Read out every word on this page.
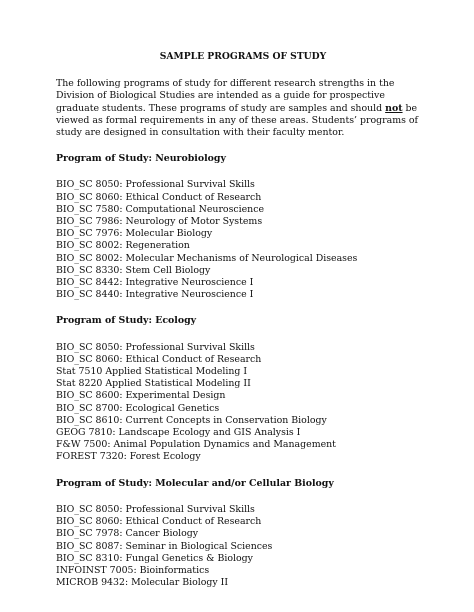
SAMPLE PROGRAMS OF STUDY

The following programs of study for different research strengths in the Division of Biological Studies are intended as a guide for prospective graduate students. These programs of study are samples and should not be viewed as formal requirements in any of these areas. Students’ programs of study are designed in consultation with their faculty mentor.

Program of Study: Neurobiology
BIO_SC 8050: Professional Survival Skills
BIO_SC 8060: Ethical Conduct of Research
BIO_SC 7580: Computational Neuroscience
BIO_SC 7986: Neurology of Motor Systems
BIO_SC 7976: Molecular Biology
BIO_SC 8002: Regeneration
BIO_SC 8002: Molecular Mechanisms of Neurological Diseases
BIO_SC 8330: Stem Cell Biology
BIO_SC 8442: Integrative Neuroscience I
BIO_SC 8440: Integrative Neuroscience I
Program of Study: Ecology
BIO_SC 8050: Professional Survival Skills
BIO_SC 8060: Ethical Conduct of Research
Stat 7510 Applied Statistical Modeling I
Stat 8220 Applied Statistical Modeling II
BIO_SC 8600: Experimental Design
BIO_SC 8700: Ecological Genetics
BIO_SC 8610: Current Concepts in Conservation Biology
GEOG 7810: Landscape Ecology and GIS Analysis I
F&W 7500: Animal Population Dynamics and Management
FOREST 7320: Forest Ecology
Program of Study: Molecular and/or Cellular Biology
BIO_SC 8050: Professional Survival Skills
BIO_SC 8060: Ethical Conduct of Research
BIO_SC 7978: Cancer Biology
BIO_SC 8087: Seminar in Biological Sciences
BIO_SC 8310: Fungal Genetics & Biology
INFOINST 7005: Bioinformatics
MICROB 9432: Molecular Biology II
